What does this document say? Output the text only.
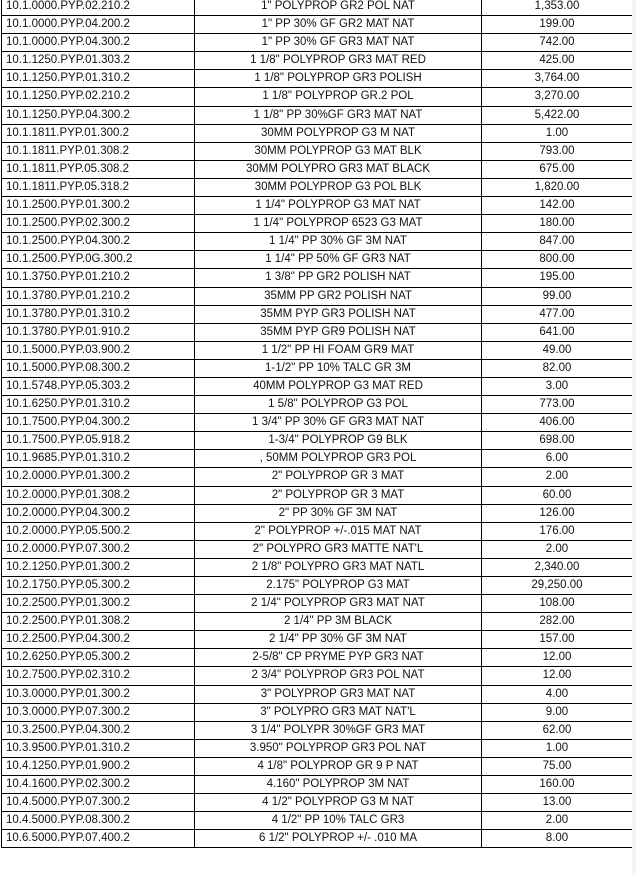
10.1.0000.PYP.02.210.2	1" POLYPROP GR2 POL NAT	1,353.00
10.1.0000.PYP.04.200.2	1" PP 30% GF GR2 MAT NAT	199.00
10.1.0000.PYP.04.300.2	1" PP 30% GF GR3 MAT NAT	742.00
10.1.1250.PYP.01.303.2	1 1/8" POLYPROP GR3 MAT RED	425.00
10.1.1250.PYP.01.310.2	1 1/8" POLYPROP GR3 POLISH	3,764.00
10.1.1250.PYP.02.210.2	1 1/8" POLYPROP GR.2 POL	3,270.00
10.1.1250.PYP.04.300.2	1 1/8" PP 30%GF GR3 MAT NAT	5,422.00
10.1.1811.PYP.01.300.2	30MM POLYPROP G3 M NAT	1.00
10.1.1811.PYP.01.308.2	30MM POLYPROP G3 MAT BLK	793.00
10.1.1811.PYP.05.308.2	30MM POLYPRO GR3 MAT BLACK	675.00
10.1.1811.PYP.05.318.2	30MM POLYPROP G3 POL BLK	1,820.00
10.1.2500.PYP.01.300.2	1 1/4" POLYPROP G3 MAT NAT	142.00
10.1.2500.PYP.02.300.2	1 1/4" POLYPROP 6523 G3 MAT	180.00
10.1.2500.PYP.04.300.2	1 1/4" PP 30% GF 3M NAT	847.00
10.1.2500.PYP.0G.300.2	1 1/4" PP 50% GF GR3 NAT	800.00
10.1.3750.PYP.01.210.2	1 3/8" PP GR2 POLISH NAT	195.00
10.1.3780.PYP.01.210.2	35MM PP GR2 POLISH NAT	99.00
10.1.3780.PYP.01.310.2	35MM PYP GR3 POLISH NAT	477.00
10.1.3780.PYP.01.910.2	35MM PYP GR9 POLISH NAT	641.00
10.1.5000.PYP.03.900.2	1 1/2" PP HI FOAM GR9 MAT	49.00
10.1.5000.PYP.08.300.2	1-1/2" PP 10% TALC GR 3M	82.00
10.1.5748.PYP.05.303.2	40MM POLYPROP G3 MAT RED	3.00
10.1.6250.PYP.01.310.2	1 5/8" POLYPROP G3 POL	773.00
10.1.7500.PYP.04.300.2	1 3/4" PP 30% GF GR3 MAT NAT	406.00
10.1.7500.PYP.05.918.2	1-3/4" POLYPROP G9 BLK	698.00
10.1.9685.PYP.01.310.2	, 50MM POLYPROP GR3 POL	6.00
10.2.0000.PYP.01.300.2	2" POLYPROP GR 3 MAT	2.00
10.2.0000.PYP.01.308.2	2" POLYPROP GR 3 MAT	60.00
10.2.0000.PYP.04.300.2	2" PP 30% GF 3M NAT	126.00
10.2.0000.PYP.05.500.2	2" POLYPROP +/-.015 MAT NAT	176.00
10.2.0000.PYP.07.300.2	2" POLYPRO GR3 MATTE NAT'L	2.00
10.2.1250.PYP.01.300.2	2 1/8" POLYPRO GR3 MAT NATL	2,340.00
10.2.1750.PYP.05.300.2	2.175" POLYPROP G3 MAT	29,250.00
10.2.2500.PYP.01.300.2	2 1/4" POLYPROP GR3 MAT NAT	108.00
10.2.2500.PYP.01.308.2	2 1/4" PP 3M BLACK	282.00
10.2.2500.PYP.04.300.2	2 1/4" PP 30% GF 3M NAT	157.00
10.2.6250.PYP.05.300.2	2-5/8" CP PRYME PYP GR3 NAT	12.00
10.2.7500.PYP.02.310.2	2 3/4" POLYPROP GR3 POL NAT	12.00
10.3.0000.PYP.01.300.2	3" POLYPROP GR3 MAT NAT	4.00
10.3.0000.PYP.07.300.2	3" POLYPRO GR3 MAT NAT'L	9.00
10.3.2500.PYP.04.300.2	3 1/4" POLYPR 30%GF GR3 MAT	62.00
10.3.9500.PYP.01.310.2	3.950" POLYPROP GR3 POL NAT	1.00
10.4.1250.PYP.01.900.2	4 1/8" POLYPROP GR 9 P NAT	75.00
10.4.1600.PYP.02.300.2	4.160" POLYPROP 3M NAT	160.00
10.4.5000.PYP.07.300.2	4 1/2" POLYPROP G3 M NAT	13.00
10.4.5000.PYP.08.300.2	4 1/2" PP 10% TALC GR3	2.00
10.6.5000.PYP.07.400.2	6 1/2" POLYPROP +/- .010 MA	8.00
